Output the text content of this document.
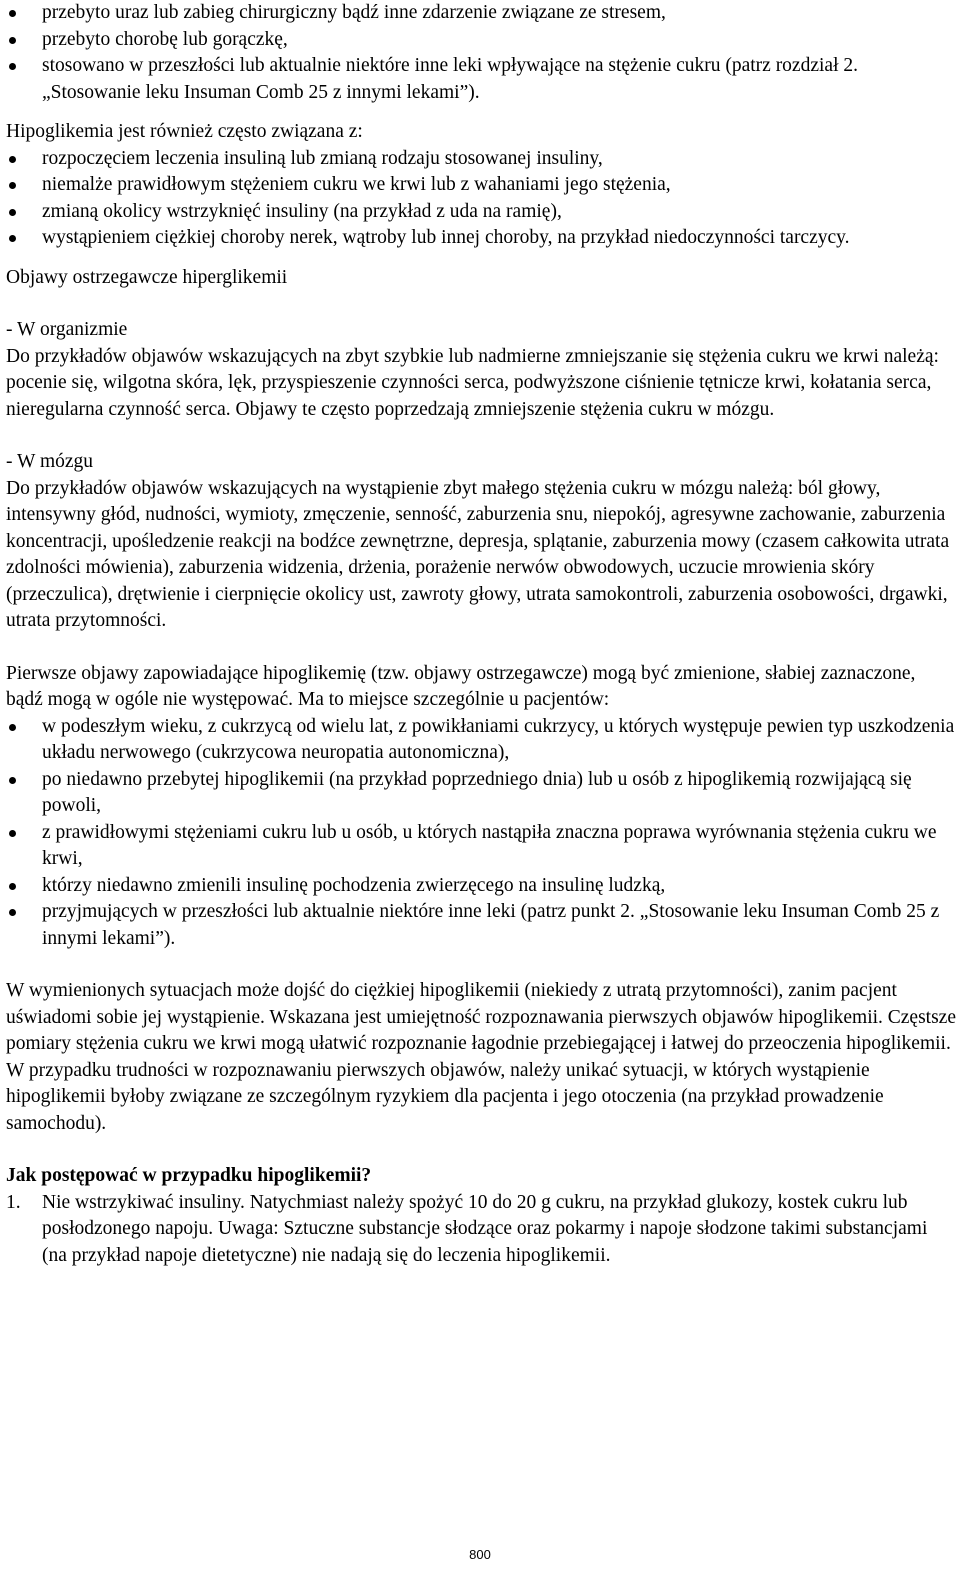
przebyto uraz lub zabieg chirurgiczny bądź inne zdarzenie związane ze stresem,
przebyto chorobę lub gorączkę,
stosowano w przeszłości lub aktualnie niektóre inne leki wpływające na stężenie cukru (patrz rozdział 2. „Stosowanie leku Insuman Comb 25 z innymi lekami”).

Hipoglikemia jest również często związana z:

rozpoczęciem leczenia insuliną lub zmianą rodzaju stosowanej insuliny,
niemalże prawidłowym stężeniem cukru we krwi lub z wahaniami jego stężenia,
zmianą okolicy wstrzyknięć insuliny (na przykład z uda na ramię),
wystąpieniem ciężkiej choroby nerek, wątroby lub innej choroby, na przykład niedoczynności tarczycy.

Objawy ostrzegawcze hiperglikemii

- W organizmie

Do przykładów objawów wskazujących na zbyt szybkie lub nadmierne zmniejszanie się stężenia cukru we krwi należą: pocenie się, wilgotna skóra, lęk, przyspieszenie czynności serca, podwyższone ciśnienie tętnicze krwi, kołatania serca, nieregularna czynność serca. Objawy te często poprzedzają zmniejszenie stężenia cukru w mózgu.

- W mózgu

Do przykładów objawów wskazujących na wystąpienie zbyt małego stężenia cukru w mózgu należą: ból głowy, intensywny głód, nudności, wymioty, zmęczenie, senność, zaburzenia snu, niepokój, agresywne zachowanie, zaburzenia koncentracji, upośledzenie reakcji na bodźce zewnętrzne, depresja, splątanie, zaburzenia mowy (czasem całkowita utrata zdolności mówienia), zaburzenia widzenia, drżenia, porażenie nerwów obwodowych, uczucie mrowienia skóry (przeczulica), drętwienie i cierpnięcie okolicy ust, zawroty głowy, utrata samokontroli, zaburzenia osobowości, drgawki, utrata przytomności.

Pierwsze objawy zapowiadające hipoglikemię (tzw. objawy ostrzegawcze) mogą być zmienione, słabiej zaznaczone, bądź mogą w ogóle nie występować. Ma to miejsce szczególnie u pacjentów:

w podeszłym wieku, z cukrzycą od wielu lat, z powikłaniami cukrzycy, u których występuje pewien typ uszkodzenia układu nerwowego (cukrzycowa neuropatia autonomiczna),
po niedawno przebytej hipoglikemii (na przykład poprzedniego dnia) lub u osób z hipoglikemią rozwijającą się powoli,
z prawidłowymi stężeniami cukru lub u osób, u których nastąpiła znaczna poprawa wyrównania stężenia cukru we krwi,
którzy niedawno zmienili insulinę pochodzenia zwierzęcego na insulinę ludzką,
przyjmujących w przeszłości lub aktualnie niektóre inne leki (patrz punkt 2. „Stosowanie leku Insuman Comb 25 z innymi lekami”).

W wymienionych sytuacjach może dojść do ciężkiej hipoglikemii (niekiedy z utratą przytomności), zanim pacjent uświadomi sobie jej wystąpienie. Wskazana jest umiejętność rozpoznawania pierwszych objawów hipoglikemii. Częstsze pomiary stężenia cukru we krwi mogą ułatwić rozpoznanie łagodnie przebiegającej i łatwej do przeoczenia hipoglikemii. W przypadku trudności w rozpoznawaniu pierwszych objawów, należy unikać sytuacji, w których wystąpienie hipoglikemii byłoby związane ze szczególnym ryzykiem dla pacjenta i jego otoczenia (na przykład prowadzenie samochodu).

Jak postępować w przypadku hipoglikemii?

1. Nie wstrzykiwać insuliny. Natychmiast należy spożyć 10 do 20 g cukru, na przykład glukozy, kostek cukru lub posłodzonego napoju. Uwaga: Sztuczne substancje słodzące oraz pokarmy i napoje słodzone takimi substancjami (na przykład napoje dietetyczne) nie nadają się do leczenia hipoglikemii.
800
